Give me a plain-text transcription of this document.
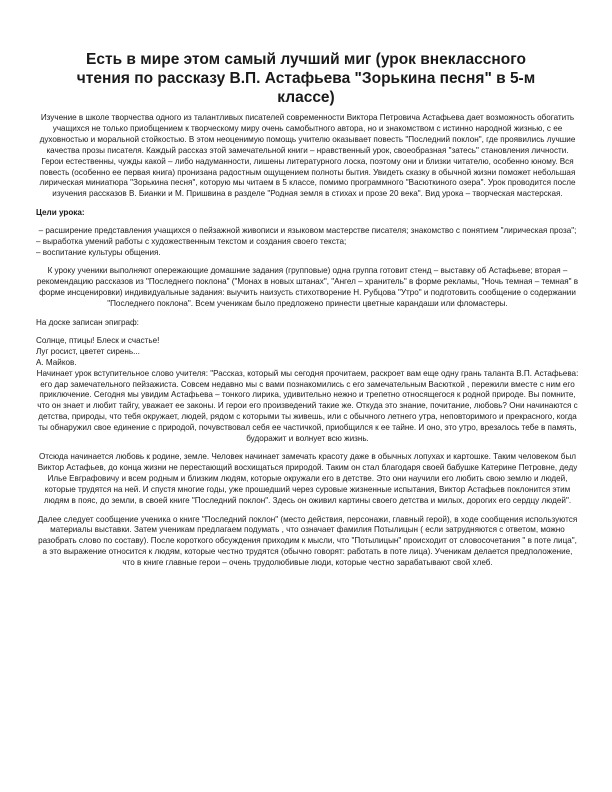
Есть в мире этом самый лучший миг (урок внеклассного чтения по рассказу В.П. Астафьева "Зорькина песня" в 5-м классе)

Изучение в школе творчества одного из талантливых писателей современности Виктора Петровича Астафьева дает возможность обогатить учащихся не только приобщением к творческому миру очень самобытного автора, но и знакомством с истинно народной жизнью, с ее духовностью и моральной стойкостью. В этом неоценимую помощь учителю оказывает повесть "Последний поклон", где проявились лучшие качества прозы писателя. Каждый рассказ этой замечательной книги – нравственный урок, своеобразная "затесь" становления личности. Герои естественны, чужды какой – либо надуманности, лишены литературного лоска, поэтому они и близки читателю, особенно юному. Вся повесть (особенно ее первая книга) пронизана радостным ощущением полноты бытия. Увидеть сказку в обычной жизни поможет небольшая лирическая миниатюра "Зорькина песня", которую мы читаем в 5 классе, помимо программного "Васюткиного озера". Урок проводится после изучения рассказов В. Бианки и М. Пришвина в разделе "Родная земля в стихах и прозе 20 века". Вид урока – творческая мастерская.

Цели урока:

– расширение представления учащихся о пейзажной живописи и языковом мастерстве писателя; знакомство с понятием "лирическая проза";

– выработка умений работы с художественным текстом и создания своего текста;

– воспитание культуры общения.

К уроку ученики выполняют опережающие домашние задания (групповые) одна группа готовит стенд – выставку об Астафьеве; вторая – рекомендацию рассказов из "Последнего поклона" ("Монах в новых штанах", "Ангел – хранитель" в форме рекламы, "Ночь темная – темная" в форме инсценировки) индивидуальные задания: выучить наизусть стихотворение Н. Рубцова "Утро" и подготовить сообщение о содержании "Последнего поклона". Всем ученикам было предложено принести цветные карандаши или фломастеры.

На доске записан эпиграф:

Солнце, птицы! Блеск и счастье!

Луг росист, цветет сирень...

А. Майков.

Начинает урок вступительное слово учителя: "Рассказ, который мы сегодня прочитаем, раскроет вам еще одну грань таланта В.П. Астафьева: его дар замечательного пейзажиста. Совсем недавно мы с вами познакомились с его замечательным Васюткой , пережили вместе с ним его приключение. Сегодня мы увидим Астафьева – тонкого лирика, удивительно нежно и трепетно относящегося к родной природе. Вы помните, что он знает и любит тайгу, уважает ее законы. И герои его произведений такие же. Откуда это знание, почитание, любовь? Они начинаются с детства, природы, что тебя окружает, людей, рядом с которыми ты живешь, или с обычного летнего утра, неповторимого и прекрасного, когда ты обнаружил свое единение с природой, почувствовал себя ее частичкой, приобщился к ее тайне. И оно, это утро, врезалось тебе в память, будоражит и волнует всю жизнь.

Отсюда начинается любовь к родине, земле. Человек начинает замечать красоту даже в обычных лопухах и картошке. Таким человеком был Виктор Астафьев, до конца жизни не перестающий восхищаться природой. Таким он стал благодаря своей бабушке Катерине Петровне, деду Илье Евграфовичу и всем родным и близким людям, которые окружали его в детстве. Это они научили его любить свою землю и людей, которые трудятся на ней. И спустя многие годы, уже прошедший через суровые жизненные испытания, Виктор Астафьев поклонится этим людям в пояс, до земли, в своей книге "Последний поклон". Здесь он оживил картины своего детства и милых, дорогих его сердцу людей".

Далее следует сообщение ученика о книге "Последний поклон" (место действия, персонажи, главный герой), в ходе сообщения используются материалы выставки. Затем ученикам предлагаем подумать , что означает фамилия Потылицын ( если затрудняются с ответом, можно разобрать слово по составу). После короткого обсуждения приходим к мысли, что "Потылицын" происходит от словосочетания " в поте лица", а это выражение относится к людям, которые честно трудятся (обычно говорят: работать в поте лица). Ученикам делается предположение, что в книге главные герои – очень трудолюбивые люди, которые честно зарабатывают свой хлеб.
